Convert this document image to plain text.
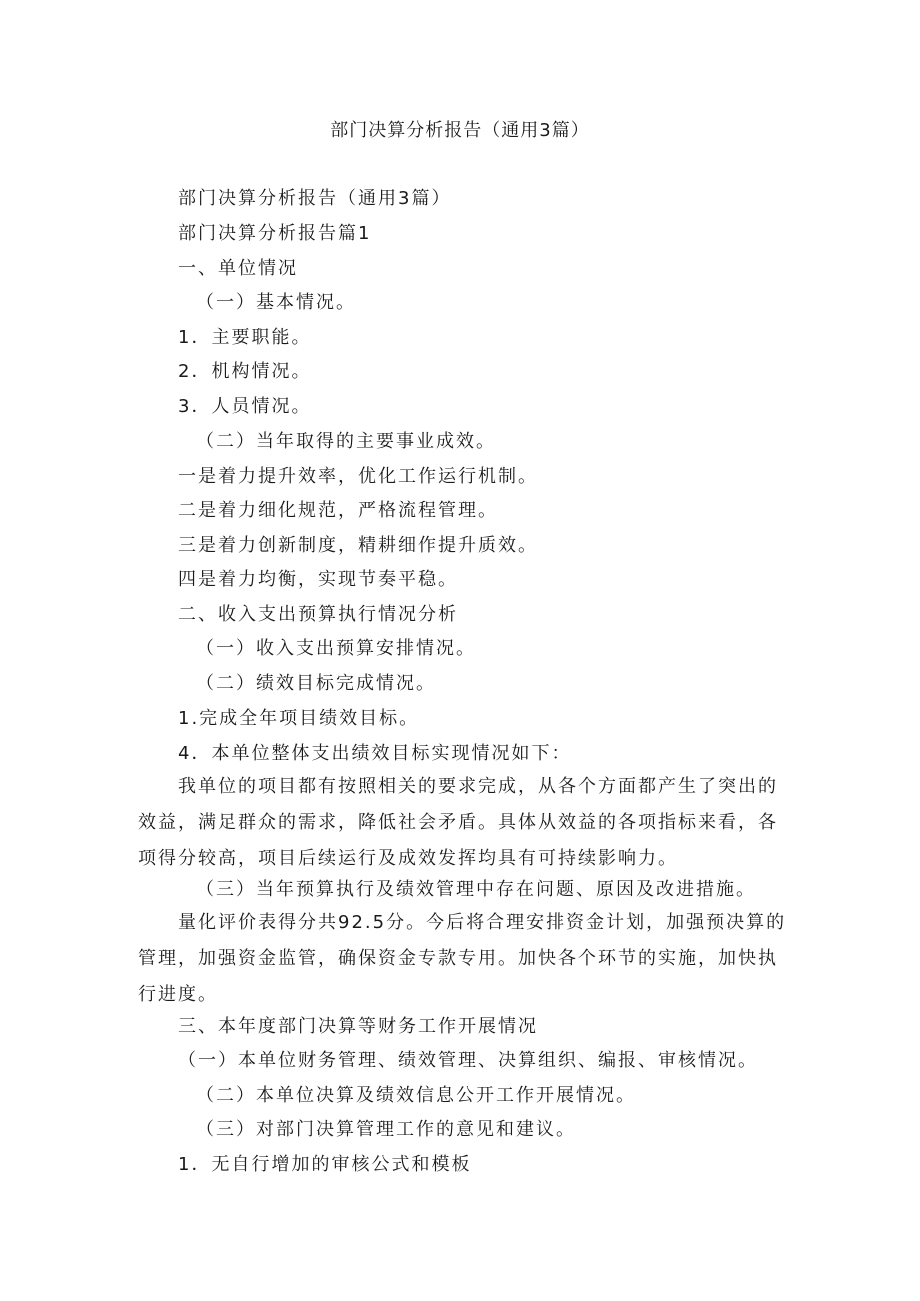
部门决算分析报告（通用3篇）
部门决算分析报告（通用3篇）
部门决算分析报告篇1
一、单位情况
（一）基本情况。
1．主要职能。
2．机构情况。
3．人员情况。
（二）当年取得的主要事业成效。
一是着力提升效率，优化工作运行机制。
二是着力细化规范，严格流程管理。
三是着力创新制度，精耕细作提升质效。
四是着力均衡，实现节奏平稳。
二、收入支出预算执行情况分析
（一）收入支出预算安排情况。
（二）绩效目标完成情况。
1.完成全年项目绩效目标。
4．本单位整体支出绩效目标实现情况如下：

我单位的项目都有按照相关的要求完成，从各个方面都产生了突出的效益，满足群众的需求，降低社会矛盾。具体从效益的各项指标来看，各项得分较高，项目后续运行及成效发挥均具有可持续影响力。

（三）当年预算执行及绩效管理中存在问题、原因及改进措施。

量化评价表得分共92.5分。今后将合理安排资金计划，加强预决算的管理，加强资金监管，确保资金专款专用。加快各个环节的实施，加快执行进度。

三、本年度部门决算等财务工作开展情况
（一）本单位财务管理、绩效管理、决算组织、编报、审核情况。
（二）本单位决算及绩效信息公开工作开展情况。
（三）对部门决算管理工作的意见和建议。
1．无自行增加的审核公式和模板
